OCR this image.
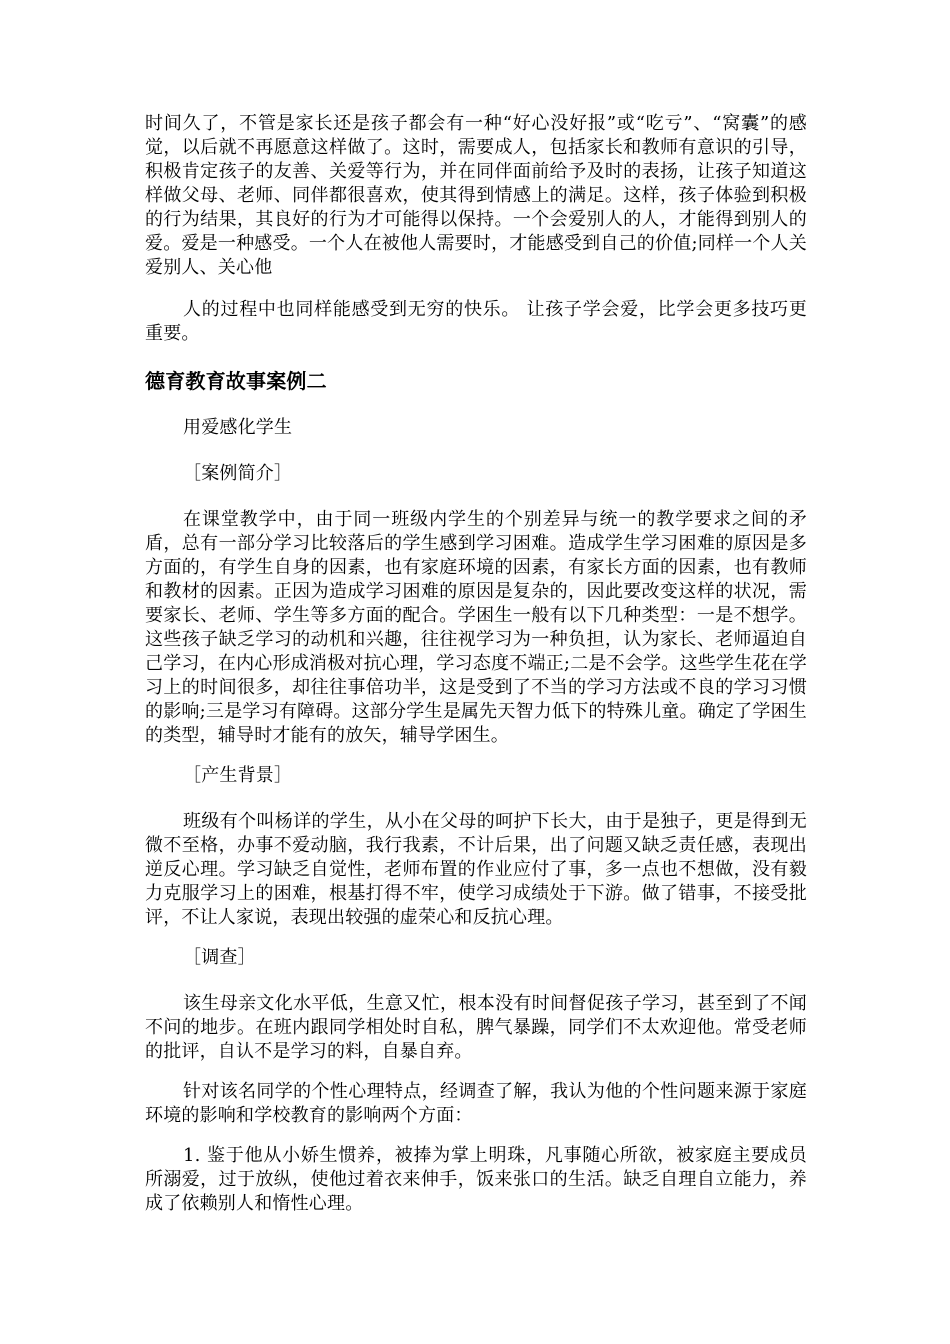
时间久了，不管是家长还是孩子都会有一种“好心没好报”或“吃亏”、“窝囊”的感觉，以后就不再愿意这样做了。这时，需要成人，包括家长和教师有意识的引导，积极肯定孩子的友善、关爱等行为，并在同伴面前给予及时的表扬，让孩子知道这样做父母、老师、同伴都很喜欢，使其得到情感上的满足。这样，孩子体验到积极的行为结果，其良好的行为才可能得以保持。一个会爱别人的人，才能得到别人的爱。爱是一种感受。一个人在被他人需要时，才能感受到自己的价值;同样一个人关爱别人、关心他

人的过程中也同样能感受到无穷的快乐。 让孩子学会爱，比学会更多技巧更重要。

德育教育故事案例二

用爱感化学生

［案例简介］

在课堂教学中，由于同一班级内学生的个别差异与统一的教学要求之间的矛盾，总有一部分学习比较落后的学生感到学习困难。造成学生学习困难的原因是多方面的，有学生自身的因素，也有家庭环境的因素，有家长方面的因素，也有教师和教材的因素。正因为造成学习困难的原因是复杂的，因此要改变这样的状况，需要家长、老师、学生等多方面的配合。学困生一般有以下几种类型：一是不想学。这些孩子缺乏学习的动机和兴趣，往往视学习为一种负担，认为家长、老师逼迫自己学习，在内心形成消极对抗心理，学习态度不端正;二是不会学。这些学生花在学习上的时间很多，却往往事倍功半，这是受到了不当的学习方法或不良的学习习惯的影响;三是学习有障碍。这部分学生是属先天智力低下的特殊儿童。确定了学困生的类型，辅导时才能有的放矢，辅导学困生。

［产生背景］

班级有个叫杨详的学生，从小在父母的呵护下长大，由于是独子，更是得到无微不至格，办事不爱动脑，我行我素，不计后果，出了问题又缺乏责任感，表现出逆反心理。学习缺乏自觉性，老师布置的作业应付了事，多一点也不想做，没有毅力克服学习上的困难，根基打得不牢，使学习成绩处于下游。做了错事，不接受批评，不让人家说，表现出较强的虚荣心和反抗心理。

［调查］

该生母亲文化水平低，生意又忙，根本没有时间督促孩子学习，甚至到了不闻不问的地步。在班内跟同学相处时自私，脾气暴躁，同学们不太欢迎他。常受老师的批评，自认不是学习的料，自暴自弃。

针对该名同学的个性心理特点，经调查了解，我认为他的个性问题来源于家庭环境的影响和学校教育的影响两个方面：

1. 鉴于他从小娇生惯养，被捧为掌上明珠，凡事随心所欲，被家庭主要成员所溺爱，过于放纵，使他过着衣来伸手，饭来张口的生活。缺乏自理自立能力，养成了依赖别人和惰性心理。
